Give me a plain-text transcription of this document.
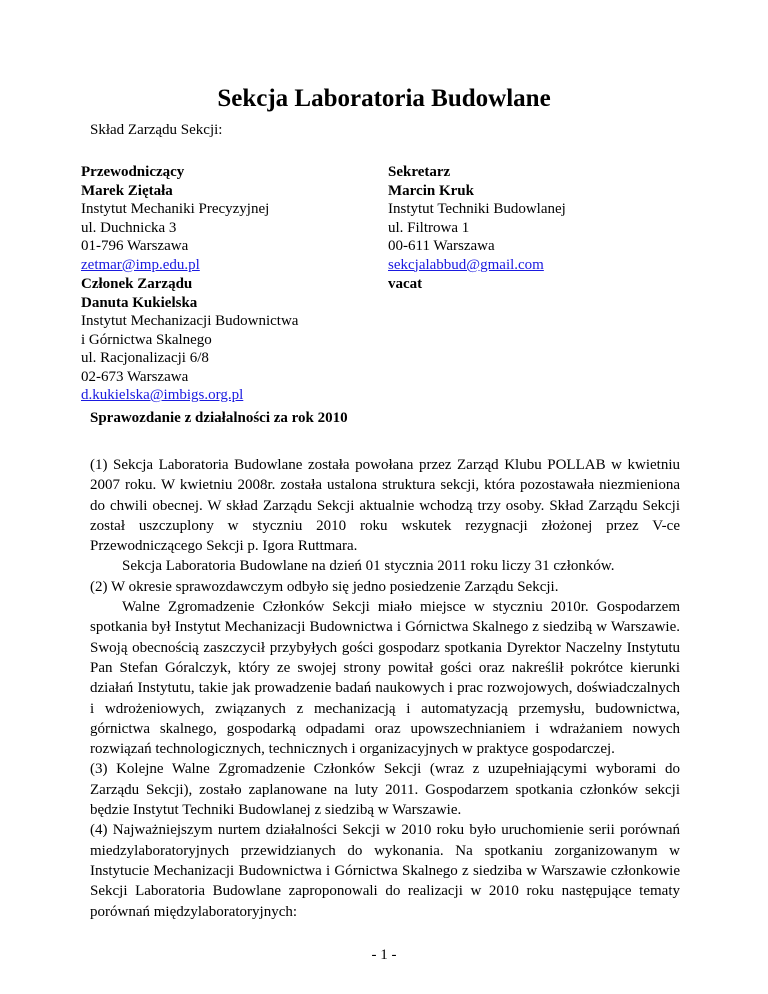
Sekcja Laboratoria Budowlane
Skład Zarządu Sekcji:
Przewodniczący
Marek Ziętała
Instytut Mechaniki Precyzyjnej
ul. Duchnicka 3
01-796 Warszawa
zetmar@imp.edu.pl
Sekretarz
Marcin Kruk
Instytut Techniki Budowlanej
ul. Filtrowa 1
00-611 Warszawa
sekcjalabbud@gmail.com
Członek Zarządu
Danuta Kukielska
Instytut Mechanizacji Budownictwa
i Górnictwa Skalnego
ul. Racjonalizacji 6/8
02-673 Warszawa
d.kukielska@imbigs.org.pl
vacat
Sprawozdanie z działalności za rok 2010

(1) Sekcja Laboratoria Budowlane została powołana przez Zarząd Klubu POLLAB w kwietniu 2007 roku. W kwietniu 2008r. została ustalona struktura sekcji, która pozostawała niezmieniona do chwili obecnej. W skład Zarządu Sekcji aktualnie wchodzą trzy osoby. Skład Zarządu Sekcji został uszczuplony w styczniu 2010 roku wskutek rezygnacji złożonej przez V-ce Przewodniczącego Sekcji p. Igora Ruttmara.

Sekcja Laboratoria Budowlane na dzień 01 stycznia 2011 roku liczy 31 członków.

(2) W okresie sprawozdawczym odbyło się jedno posiedzenie Zarządu Sekcji.

Walne Zgromadzenie Członków Sekcji miało miejsce w styczniu 2010r. Gospodarzem spotkania był Instytut Mechanizacji Budownictwa i Górnictwa Skalnego z siedzibą w Warszawie. Swoją obecnością zaszczycił przybyłych gości gospodarz spotkania Dyrektor Naczelny Instytutu Pan Stefan Góralczyk, który ze swojej strony powitał gości oraz nakreślił pokrótce kierunki działań Instytutu, takie jak prowadzenie badań naukowych i prac rozwojowych, doświadczalnych i wdrożeniowych, związanych z mechanizacją i automatyzacją przemysłu, budownictwa, górnictwa skalnego, gospodarką odpadami oraz upowszechnianiem i wdrażaniem nowych rozwiązań technologicznych, technicznych i organizacyjnych w praktyce gospodarczej.

(3) Kolejne Walne Zgromadzenie Członków Sekcji (wraz z uzupełniającymi wyborami do Zarządu Sekcji), zostało zaplanowane na luty 2011. Gospodarzem spotkania członków sekcji będzie Instytut Techniki Budowlanej z siedzibą w Warszawie.

(4) Najważniejszym nurtem działalności Sekcji w 2010 roku było uruchomienie serii porównań miedzylaboratoryjnych przewidzianych do wykonania. Na spotkaniu zorganizowanym w Instytucie Mechanizacji Budownictwa i Górnictwa Skalnego z siedziba w Warszawie członkowie Sekcji Laboratoria Budowlane zaproponowali do realizacji w 2010 roku następujące tematy porównań międzylaboratoryjnych:

- 1 -
